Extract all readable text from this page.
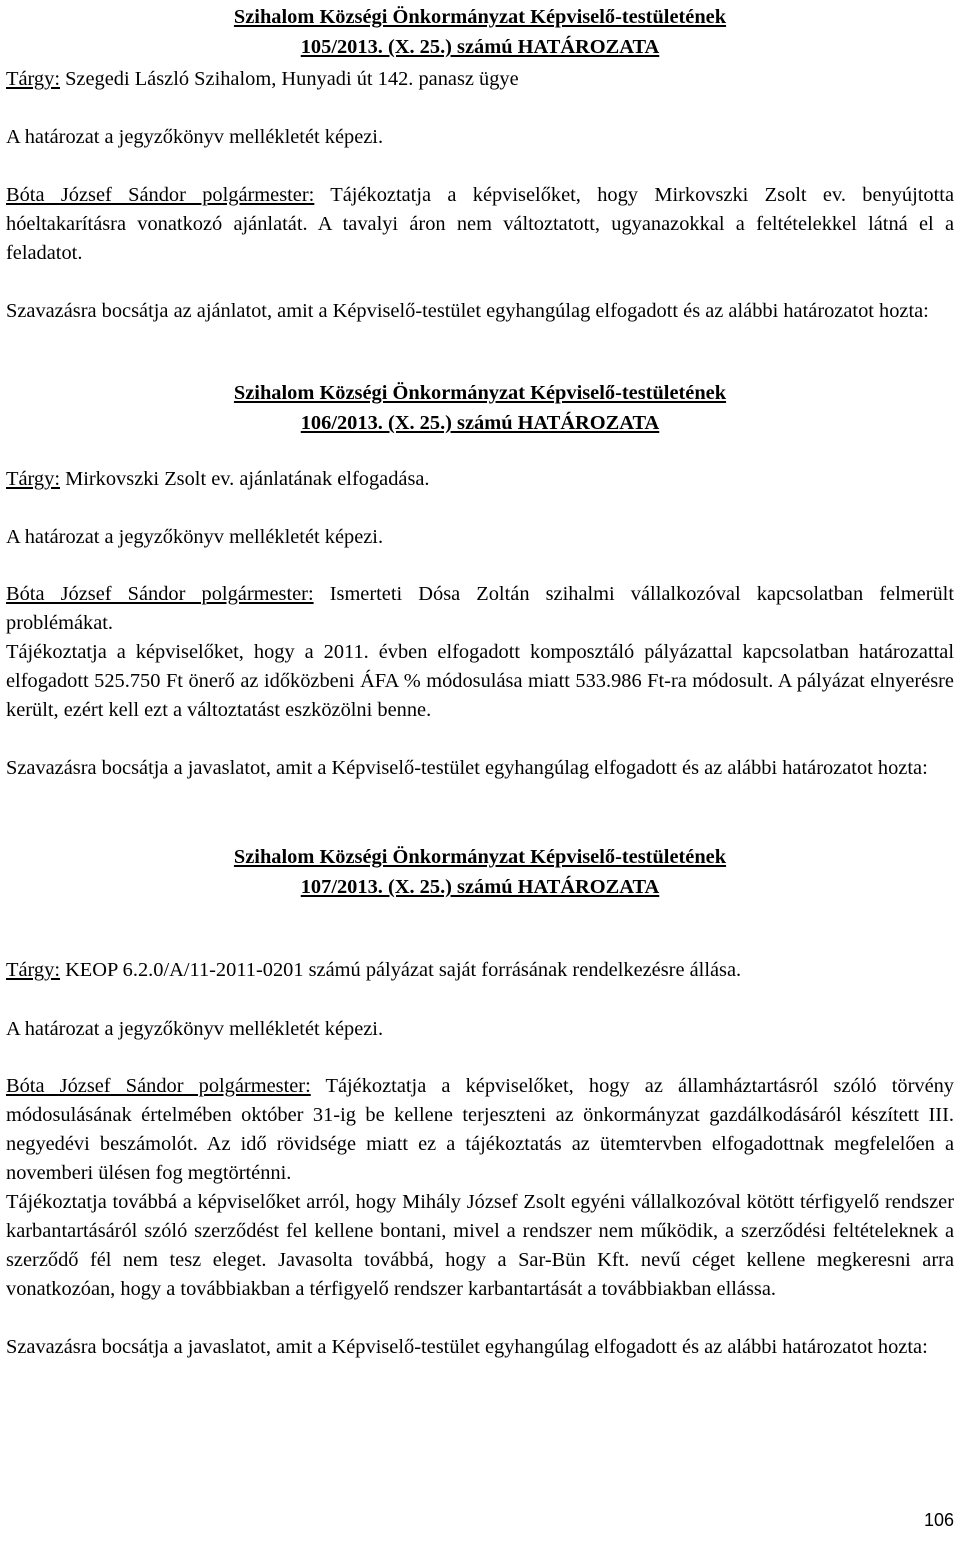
Szihalom Községi Önkormányzat Képviselő-testületének
105/2013. (X. 25.) számú HATÁROZATA

Tárgy: Szegedi László Szihalom, Hunyadi út 142. panasz ügye

A határozat a jegyzőkönyv mellékletét képezi.

Bóta József Sándor polgármester: Tájékoztatja a képviselőket, hogy Mirkovszki Zsolt ev. benyújtotta hóeltakarításra vonatkozó ajánlatát. A tavalyi áron nem változtatott, ugyanazokkal a feltételekkel látná el a feladatot.

Szavazásra bocsátja az ajánlatot, amit a Képviselő-testület egyhangúlag elfogadott és az alábbi határozatot hozta:

Szihalom Községi Önkormányzat Képviselő-testületének
106/2013. (X. 25.) számú HATÁROZATA

Tárgy: Mirkovszki Zsolt ev. ajánlatának elfogadása.

A határozat a jegyzőkönyv mellékletét képezi.

Bóta József Sándor polgármester: Ismerteti Dósa Zoltán szihalmi vállalkozóval kapcsolatban felmerült problémákat.

Tájékoztatja a képviselőket, hogy a 2011. évben elfogadott komposztáló pályázattal kapcsolatban határozattal elfogadott 525.750 Ft önerő az időközbeni ÁFA % módosulása miatt 533.986 Ft-ra módosult. A pályázat elnyerésre került, ezért kell ezt a változtatást eszközölni benne.

Szavazásra bocsátja a javaslatot, amit a Képviselő-testület egyhangúlag elfogadott és az alábbi határozatot hozta:

Szihalom Községi Önkormányzat Képviselő-testületének
107/2013. (X. 25.) számú HATÁROZATA

Tárgy: KEOP 6.2.0/A/11-2011-0201 számú pályázat saját forrásának rendelkezésre állása.

A határozat a jegyzőkönyv mellékletét képezi.

Bóta József Sándor polgármester: Tájékoztatja a képviselőket, hogy az államháztartásról szóló törvény módosulásának értelmében október 31-ig be kellene terjeszteni az önkormányzat gazdálkodásáról készített III. negyedévi beszámolót. Az idő rövidsége miatt ez a tájékoztatás az ütemtervben elfogadottnak megfelelően a novemberi ülésen fog megtörténni.

Tájékoztatja továbbá a képviselőket arról, hogy Mihály József Zsolt egyéni vállalkozóval kötött térfigyelő rendszer karbantartásáról szóló szerződést fel kellene bontani, mivel a rendszer nem működik, a szerződési feltételeknek a szerződő fél nem tesz eleget. Javasolta továbbá, hogy a Sar-Bün Kft. nevű céget kellene megkeresni arra vonatkozóan, hogy a továbbiakban a térfigyelő rendszer karbantartását a továbbiakban ellássa.

Szavazásra bocsátja a javaslatot, amit a Képviselő-testület egyhangúlag elfogadott és az alábbi határozatot hozta:

106
